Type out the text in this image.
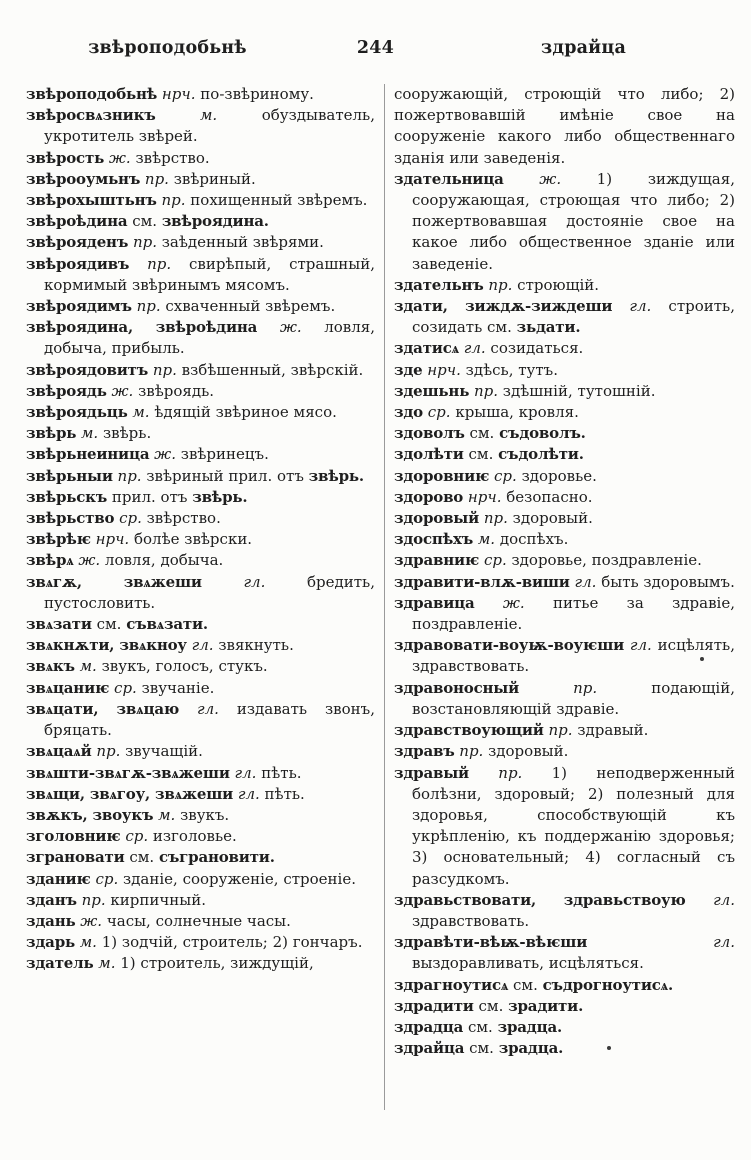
звѣроподобьнѣ	244	здрайца

звѣроподобьнѣ нрч. по-звѣриному.

звѣросвѧзникъ	м.	обуздыватель, укротитель звѣрей.

звѣрость ж. звѣрство.

звѣрооумьнъ пр. звѣриный.

звѣрохыштьнъ пр. похищенный звѣремъ.

звѣроѣдина см. звѣроядина.

звѣрояденъ пр. заѣденный звѣрями.

звѣроядивъ пр. свирѣпый, страшный, кормимый звѣринымъ мясомъ.

звѣроядимъ пр. схваченный звѣремъ.

звѣроядина, звѣроѣдина ж. ловля, добыча, прибыль.

звѣроядовитъ пр. взбѣшенный, звѣрскій.

звѣроядь ж. звѣроядь.

звѣроядьць м. ѣдящій звѣриное мясо.

звѣрь м. звѣрь.

звѣрьнеиница ж. звѣринецъ.

звѣрьныи пр. звѣриный прил. отъ звѣрь.

звѣрьскъ прил. отъ звѣрь.

звѣрьство ср. звѣрство.

звѣрѣѥ нрч. болѣе звѣрски.

звѣрѧ ж. ловля, добыча.

звѧгѫ, звѧжеши	гл.	бредить, пустословить.

звѧзати см. съвѧзати.

звѧкнѫти, звѧкноу гл. звякнуть.

звѧкъ м. звукъ, голосъ, стукъ.

звѧцаниѥ ср. звучаніе.

звѧцати, звѧцаю гл. издавать звонъ, бряцать.

звѧцаѧй пр. звучащій.

звѧшти-звѧгѫ-звѧжеши гл. пѣть.

звѧщи, звѧгоу, звѧжеши гл. пѣть.

звѫкъ, звоукъ м. звукъ.

зголовниѥ ср. изголовье.

зграновати см. съграновити.

зданиѥ ср. зданіе, сооруженіе, строеніе.

зданъ пр. кирпичный.

здань ж. часы, солнечные часы.

здарь м. 1) зодчій, строитель; 2) гончаръ.

здатель м. 1) строитель, зиждущій,

сооружающій, строющій что либо; 2) пожертвовавшій имѣніе свое на сооруженіе какого либо общественнаго зданія или заведенія.

здательница ж. 1) зиждущая, сооружающая, строющая что либо; 2) пожертвовавшая достояніе свое на какое либо общественное зданіе или заведеніе.

здательнъ пр. строющій.

здати, зиждѫ-зиждеши гл. строить, созидать см. зьдати.

здатисѧ гл. созидаться.

зде нрч. здѣсь, тутъ.

здешьнь пр. здѣшній, тутошній.

здо ср. крыша, кровля.

здоволъ см. съдоволъ.

здолѣти см. съдолѣти.

здоровниѥ ср. здоровье.

здорово нрч. безопасно.

здоровый пр. здоровый.

здоспѣхъ м. доспѣхъ.

здравниѥ ср. здоровье, поздравленіе.

здравити-влѫ-виши гл. быть здоровымъ.

здравица ж. питье за здравіе, поздравленіе.

здравовати-воуѭ-воуѥши гл. исцѣлять, здравствовать.

здравоносный	пр.	подающій, возстановляющій здравіе.

здравствоующий пр. здравый.

здравъ пр. здоровый.

здравый пр. 1) неподверженный болѣзни, здоровый; 2) полезный для здоровья, способствующій къ укрѣпленію, къ поддержанію здоровья; 3) основательный; 4) согласный съ разсудкомъ.

здравьствовати, здравьствоую гл. здравствовать.

здравѣти-вѣѭ-вѣѥши	гл. выздоравливать, исцѣляться.

здрагноутисѧ см. съдрогноутисѧ.

здрадити см. зрадити.

здрадца см. зрадца.

здрайца см. зрадца.
